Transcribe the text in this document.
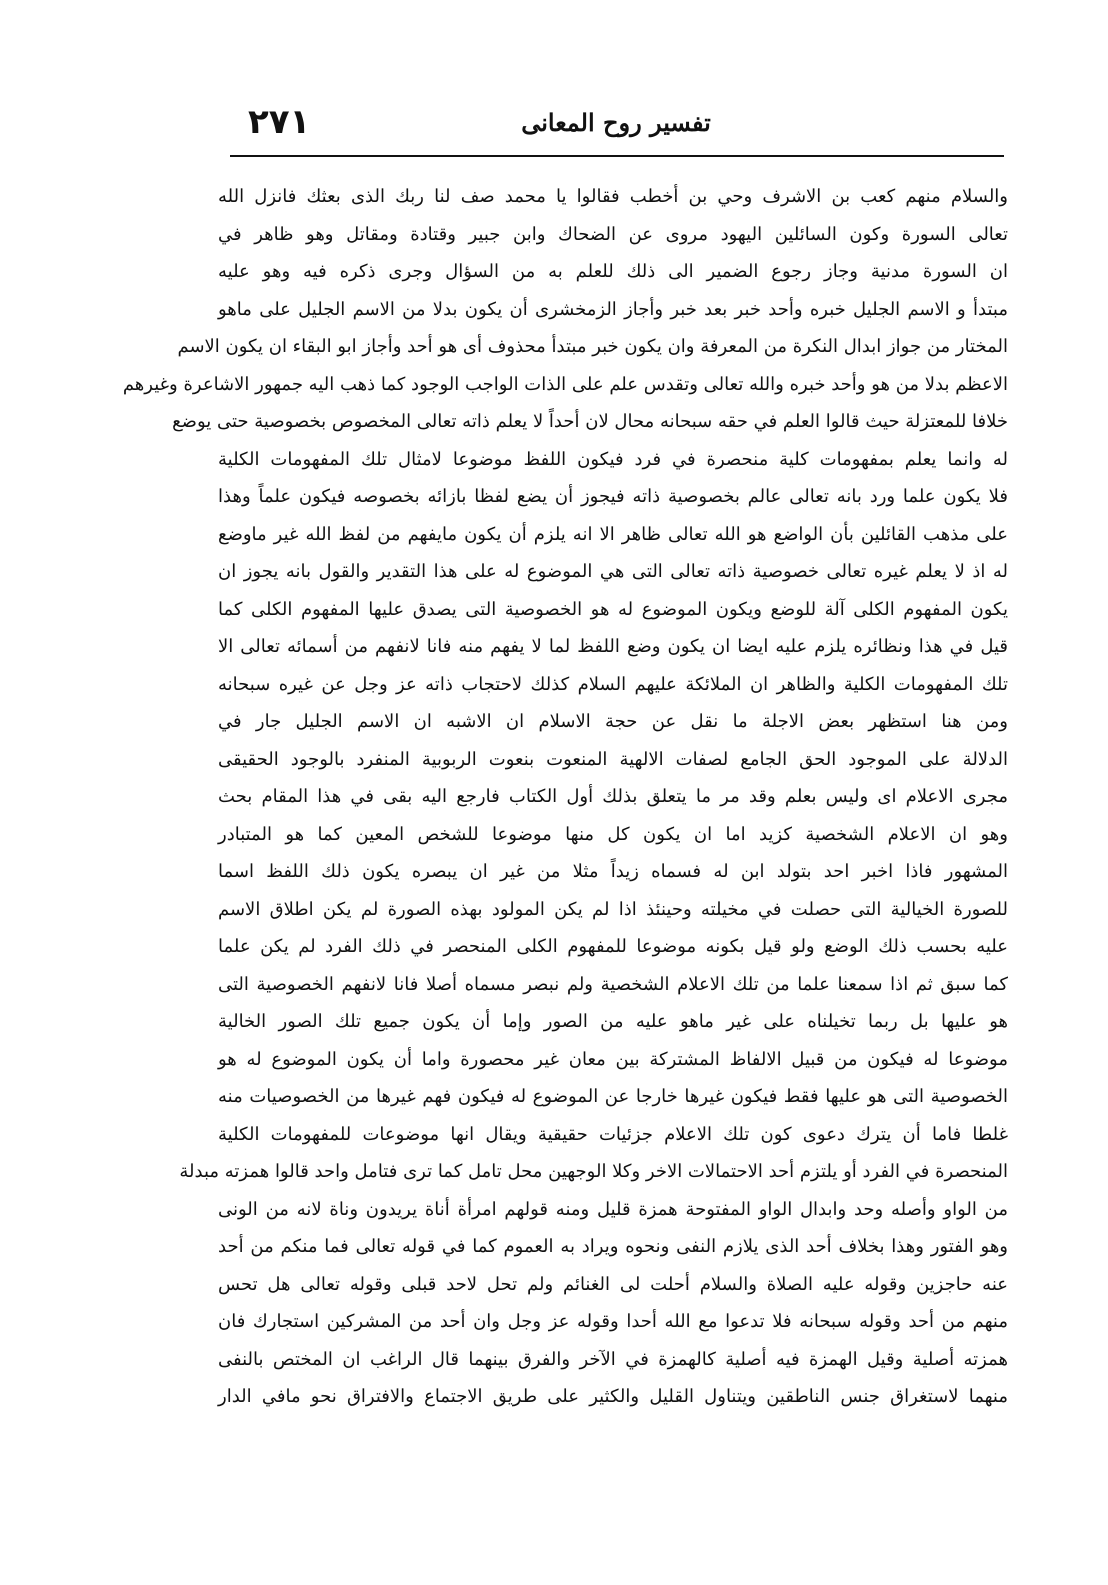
٢٧١	تفسير روح المعانى
والسلام منهم كعب بن الاشرف وحي بن أخطب فقالوا يا محمد صف لنا ربك الذى بعثك فانزل الله
تعالى السورة وكون السائلين اليهود مروى عن الضحاك وابن جبير وقتادة ومقاتل وهو ظاهر في
ان السورة مدنية وجاز رجوع الضمير الى ذلك للعلم به من السؤال وجرى ذكره فيه وهو عليه
مبتدأ و الاسم الجليل خبره وأحد خبر بعد خبر وأجاز الزمخشرى أن يكون بدلا من الاسم الجليل على ماهو
المختار من جواز ابدال النكرة من المعرفة وان يكون خبر مبتدأ محذوف أى هو أحد وأجاز ابو البقاء ان يكون الاسم
الاعظم بدلا من هو وأحد خبره والله تعالى وتقدس علم على الذات الواجب الوجود كما ذهب اليه جمهور الاشاعرة وغيرهم
خلافا للمعتزلة حيث قالوا العلم في حقه سبحانه محال لان أحداً لا يعلم ذاته تعالى المخصوص بخصوصية حتى يوضع
له وانما يعلم بمفهومات كلية منحصرة في فرد فيكون اللفظ موضوعا لامثال تلك المفهومات الكلية
فلا يكون علما ورد بانه تعالى عالم بخصوصية ذاته فيجوز أن يضع لفظا بازائه بخصوصه فيكون علماً وهذا
على مذهب القائلين بأن الواضع هو الله تعالى ظاهر الا انه يلزم أن يكون مايفهم من لفظ الله غير ماوضع
له اذ لا يعلم غيره تعالى خصوصية ذاته تعالى التى هي الموضوع له على هذا التقدير والقول بانه يجوز ان
يكون المفهوم الكلى آلة للوضع ويكون الموضوع له هو الخصوصية التى يصدق عليها المفهوم الكلى كما
قيل في هذا ونظائره يلزم عليه ايضا ان يكون وضع اللفظ لما لا يفهم منه فانا لانفهم من أسمائه تعالى الا
تلك المفهومات الكلية والظاهر ان الملائكة عليهم السلام كذلك لاحتجاب ذاته عز وجل عن غيره سبحانه
ومن هنا استظهر بعض الاجلة ما نقل عن حجة الاسلام ان الاشبه ان الاسم الجليل جار في
الدلالة على الموجود الحق الجامع لصفات الالهية المنعوت بنعوت الربوبية المنفرد بالوجود الحقيقى
مجرى الاعلام اى وليس بعلم وقد مر ما يتعلق بذلك أول الكتاب فارجع اليه بقى في هذا المقام بحث
وهو ان الاعلام الشخصية كزيد اما ان يكون كل منها موضوعا للشخص المعين كما هو المتبادر
المشهور فاذا اخبر احد بتولد ابن له فسماه زيداً مثلا من غير ان يبصره يكون ذلك اللفظ اسما
للصورة الخيالية التى حصلت في مخيلته وحينئذ اذا لم يكن المولود بهذه الصورة لم يكن اطلاق الاسم
عليه بحسب ذلك الوضع ولو قيل بكونه موضوعا للمفهوم الكلى المنحصر في ذلك الفرد لم يكن علما
كما سبق ثم اذا سمعنا علما من تلك الاعلام الشخصية ولم نبصر مسماه أصلا فانا لانفهم الخصوصية التى
هو عليها بل ربما تخيلناه على غير ماهو عليه من الصور وإما أن يكون جميع تلك الصور الخالية
موضوعا له فيكون من قبيل الالفاظ المشتركة بين معان غير محصورة واما أن يكون الموضوع له هو
الخصوصية التى هو عليها فقط فيكون غيرها خارجا عن الموضوع له فيكون فهم غيرها من الخصوصيات منه
غلطا فاما أن يترك دعوى كون تلك الاعلام جزئيات حقيقية ويقال انها موضوعات للمفهومات الكلية
المنحصرة في الفرد أو يلتزم أحد الاحتمالات الاخر وكلا الوجهين محل تامل كما ترى فتامل واحد قالوا همزته مبدلة
من الواو وأصله وحد وابدال الواو المفتوحة همزة قليل ومنه قولهم امرأة أناة يريدون وناة لانه من الونى
وهو الفتور وهذا بخلاف أحد الذى يلازم النفى ونحوه ويراد به العموم كما في قوله تعالى فما منكم من أحد
عنه حاجزين وقوله عليه الصلاة والسلام أحلت لى الغنائم ولم تحل لاحد قبلى وقوله تعالى هل تحس
منهم من أحد وقوله سبحانه فلا تدعوا مع الله أحدا وقوله عز وجل وان أحد من المشركين استجارك فان
همزته أصلية وقيل الهمزة فيه أصلية كالهمزة في الآخر والفرق بينهما قال الراغب ان المختص بالنفى
منهما لاستغراق جنس الناطقين ويتناول القليل والكثير على طريق الاجتماع والافتراق نحو مافي الدار
